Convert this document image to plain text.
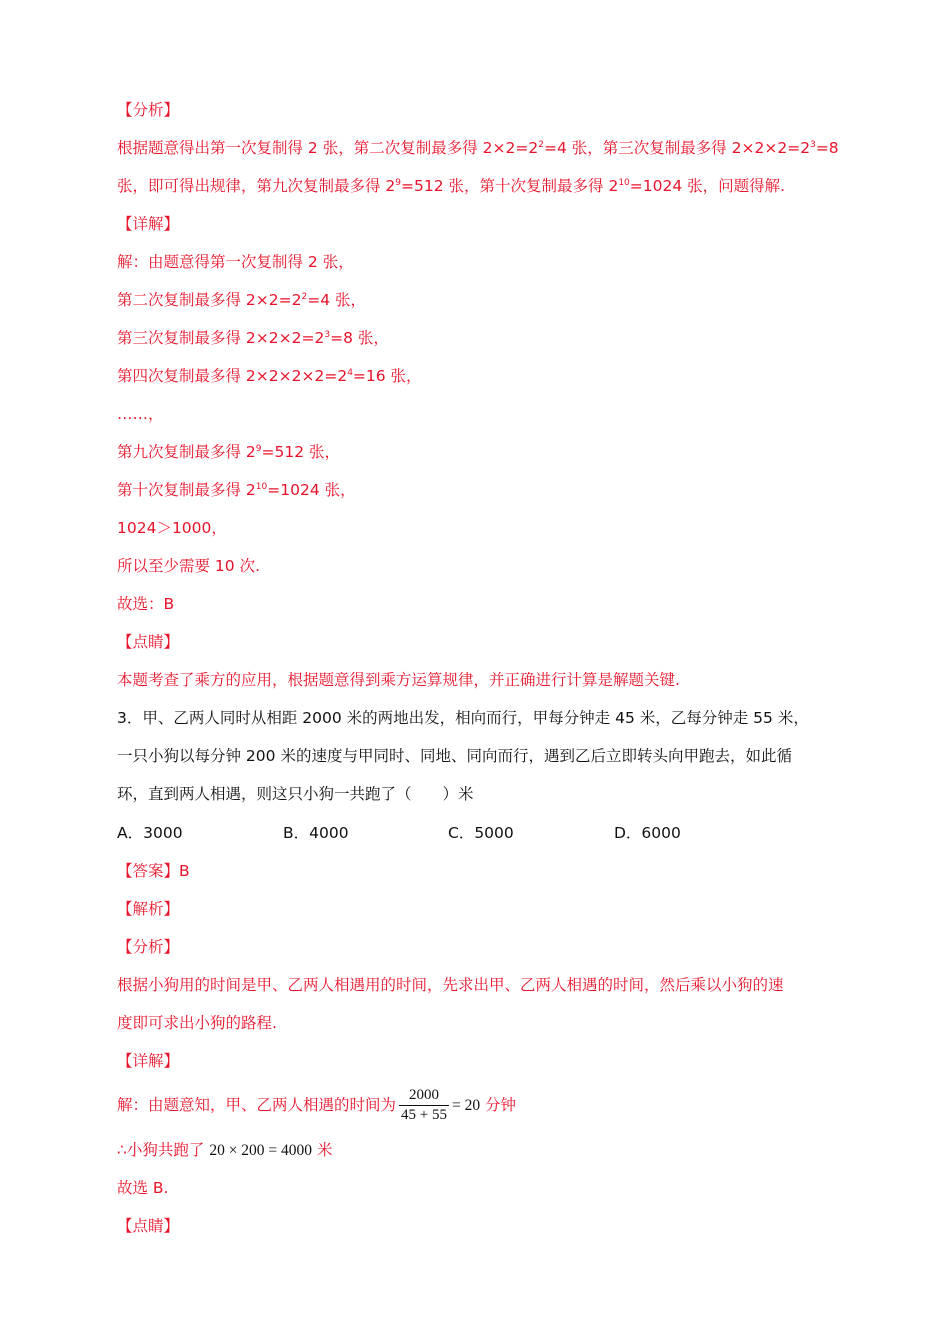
【分析】
根据题意得出第一次复制得 2 张，第二次复制最多得 $2\times 2=2^2=4$ 张，第三次复制最多得 $2\times 2\times 2=2^3=8$
张，即可得出规律，第九次复制最多得 $2^9=512$ 张，第十次复制最多得 $2^{10}=1024$ 张，问题得解.
【详解】
解：由题意得第一次复制得 2 张，
第二次复制最多得 $2\times 2=2^2=4$ 张，
第三次复制最多得 $2\times 2\times 2=2^3=8$ 张，
第四次复制最多得 $2\times 2\times 2\times 2=2^4=16$ 张，
……，
第九次复制最多得 $2^9=512$ 张，
第十次复制最多得 $2^{10}=1024$ 张，
1024＞1000，
所以至少需要 10 次.
故选：B
【点睛】
本题考查了乘方的应用，根据题意得到乘方运算规律，并正确进行计算是解题关键.
3．甲、乙两人同时从相距 2000 米的两地出发，相向而行，甲每分钟走 45 米，乙每分钟走 55 米，
一只小狗以每分钟 200 米的速度与甲同时、同地、同向而行，遇到乙后立即转头向甲跑去，如此循
环，直到两人相遇，则这只小狗一共跑了（　　）米
A．3000	B．4000	C．5000	D．6000
【答案】B
【解析】
【分析】
根据小狗用的时间是甲、乙两人相遇用的时间，先求出甲、乙两人相遇的时间，然后乘以小狗的速
度即可求出小狗的路程.
【详解】
解：由题意知，甲、乙两人相遇的时间为 $\frac{2000}{45 + 55} = 20$ 分钟
∴小狗共跑了 20 × 200 = 4000 米
故选 B.
【点睛】
